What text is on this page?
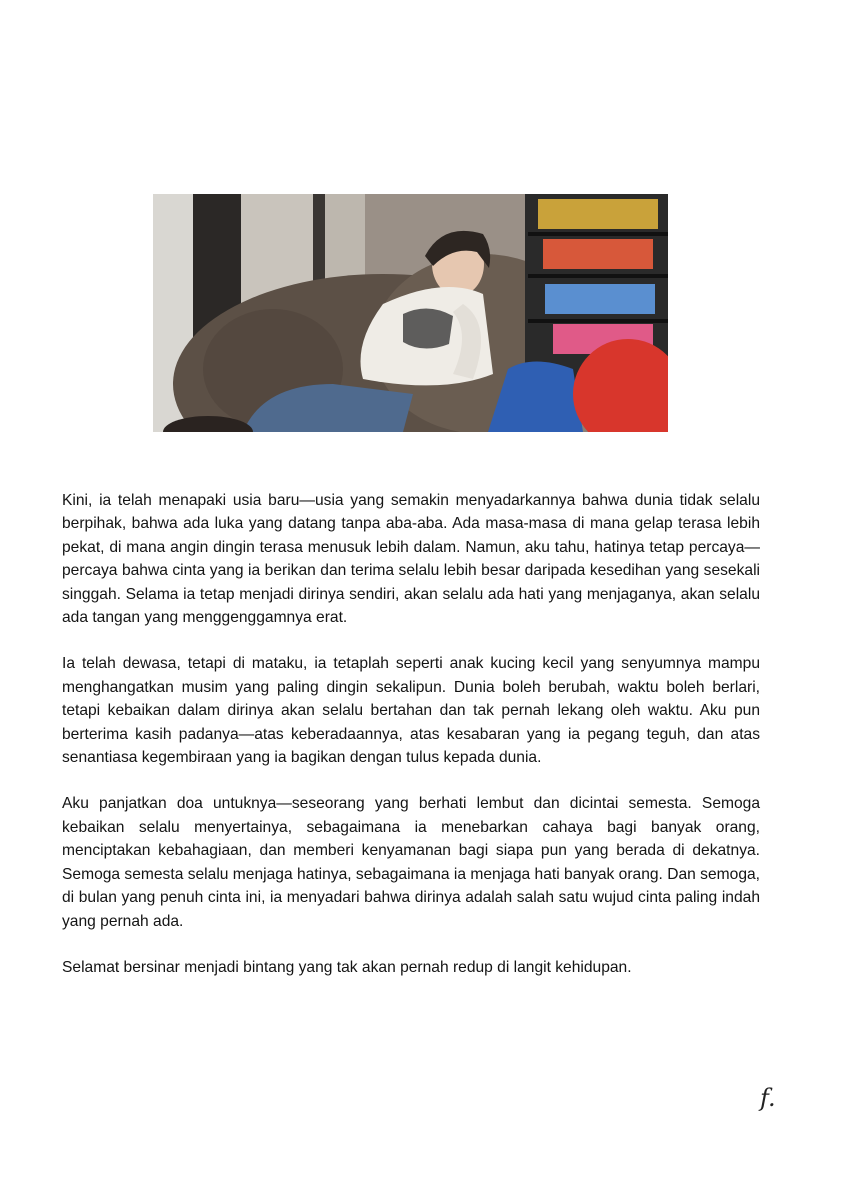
Kini, ia telah menapaki usia baru—usia yang semakin menyadarkannya bahwa dunia tidak selalu berpihak, bahwa ada luka yang datang tanpa aba-aba. Ada masa-masa di mana gelap terasa lebih pekat, di mana angin dingin terasa menusuk lebih dalam. Namun, aku tahu, hatinya tetap percaya—percaya bahwa cinta yang ia berikan dan terima selalu lebih besar daripada kesedihan yang sesekali singgah. Selama ia tetap menjadi dirinya sendiri, akan selalu ada hati yang menjaganya, akan selalu ada tangan yang menggenggamnya erat.

Ia telah dewasa, tetapi di mataku, ia tetaplah seperti anak kucing kecil yang senyumnya mampu menghangatkan musim yang paling dingin sekalipun. Dunia boleh berubah, waktu boleh berlari, tetapi kebaikan dalam dirinya akan selalu bertahan dan tak pernah lekang oleh waktu. Aku pun berterima kasih padanya—atas keberadaannya, atas kesabaran yang ia pegang teguh, dan atas senantiasa kegembiraan yang ia bagikan dengan tulus kepada dunia.

Aku panjatkan doa untuknya—seseorang yang berhati lembut dan dicintai semesta. Semoga kebaikan selalu menyertainya, sebagaimana ia menebarkan cahaya bagi banyak orang, menciptakan kebahagiaan, dan memberi kenyamanan bagi siapa pun yang berada di dekatnya. Semoga semesta selalu menjaga hatinya, sebagaimana ia menjaga hati banyak orang. Dan semoga, di bulan yang penuh cinta ini, ia menyadari bahwa dirinya adalah salah satu wujud cinta paling indah yang pernah ada.

Selamat bersinar menjadi bintang yang tak akan pernah redup di langit kehidupan.

f.
